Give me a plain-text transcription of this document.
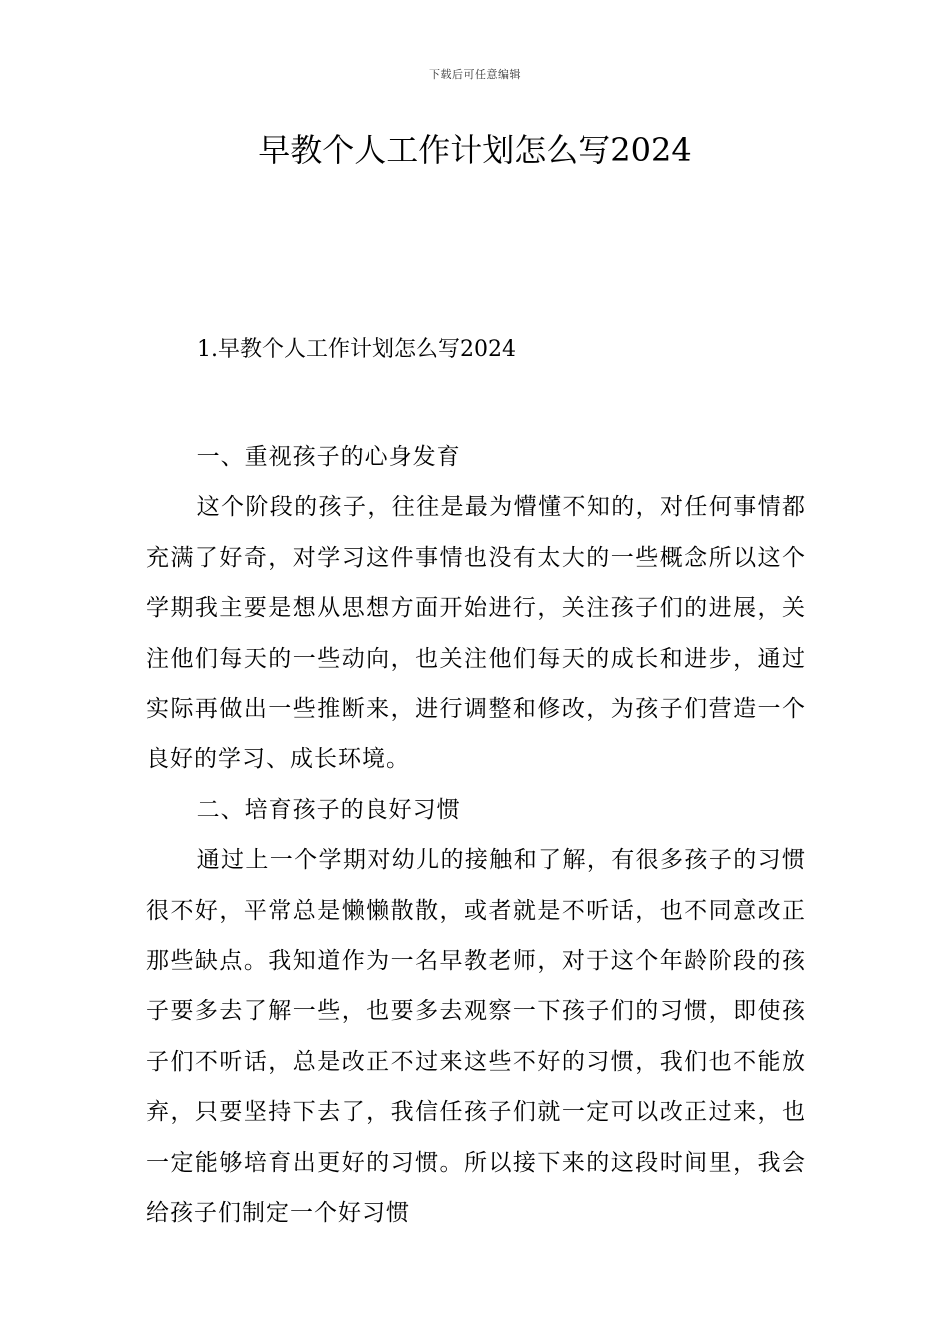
下载后可任意编辑
早教个人工作计划怎么写2024
1.早教个人工作计划怎么写2024

一、重视孩子的心身发育

这个阶段的孩子，往往是最为懵懂不知的，对任何事情都充满了好奇，对学习这件事情也没有太大的一些概念所以这个学期我主要是想从思想方面开始进行，关注孩子们的进展，关注他们每天的一些动向，也关注他们每天的成长和进步，通过实际再做出一些推断来，进行调整和修改，为孩子们营造一个良好的学习、成长环境。

二、培育孩子的良好习惯

通过上一个学期对幼儿的接触和了解，有很多孩子的习惯很不好，平常总是懒懒散散，或者就是不听话，也不同意改正那些缺点。我知道作为一名早教老师，对于这个年龄阶段的孩子要多去了解一些，也要多去观察一下孩子们的习惯，即使孩子们不听话，总是改正不过来这些不好的习惯，我们也不能放弃，只要坚持下去了，我信任孩子们就一定可以改正过来，也一定能够培育出更好的习惯。所以接下来的这段时间里，我会给孩子们制定一个好习惯
